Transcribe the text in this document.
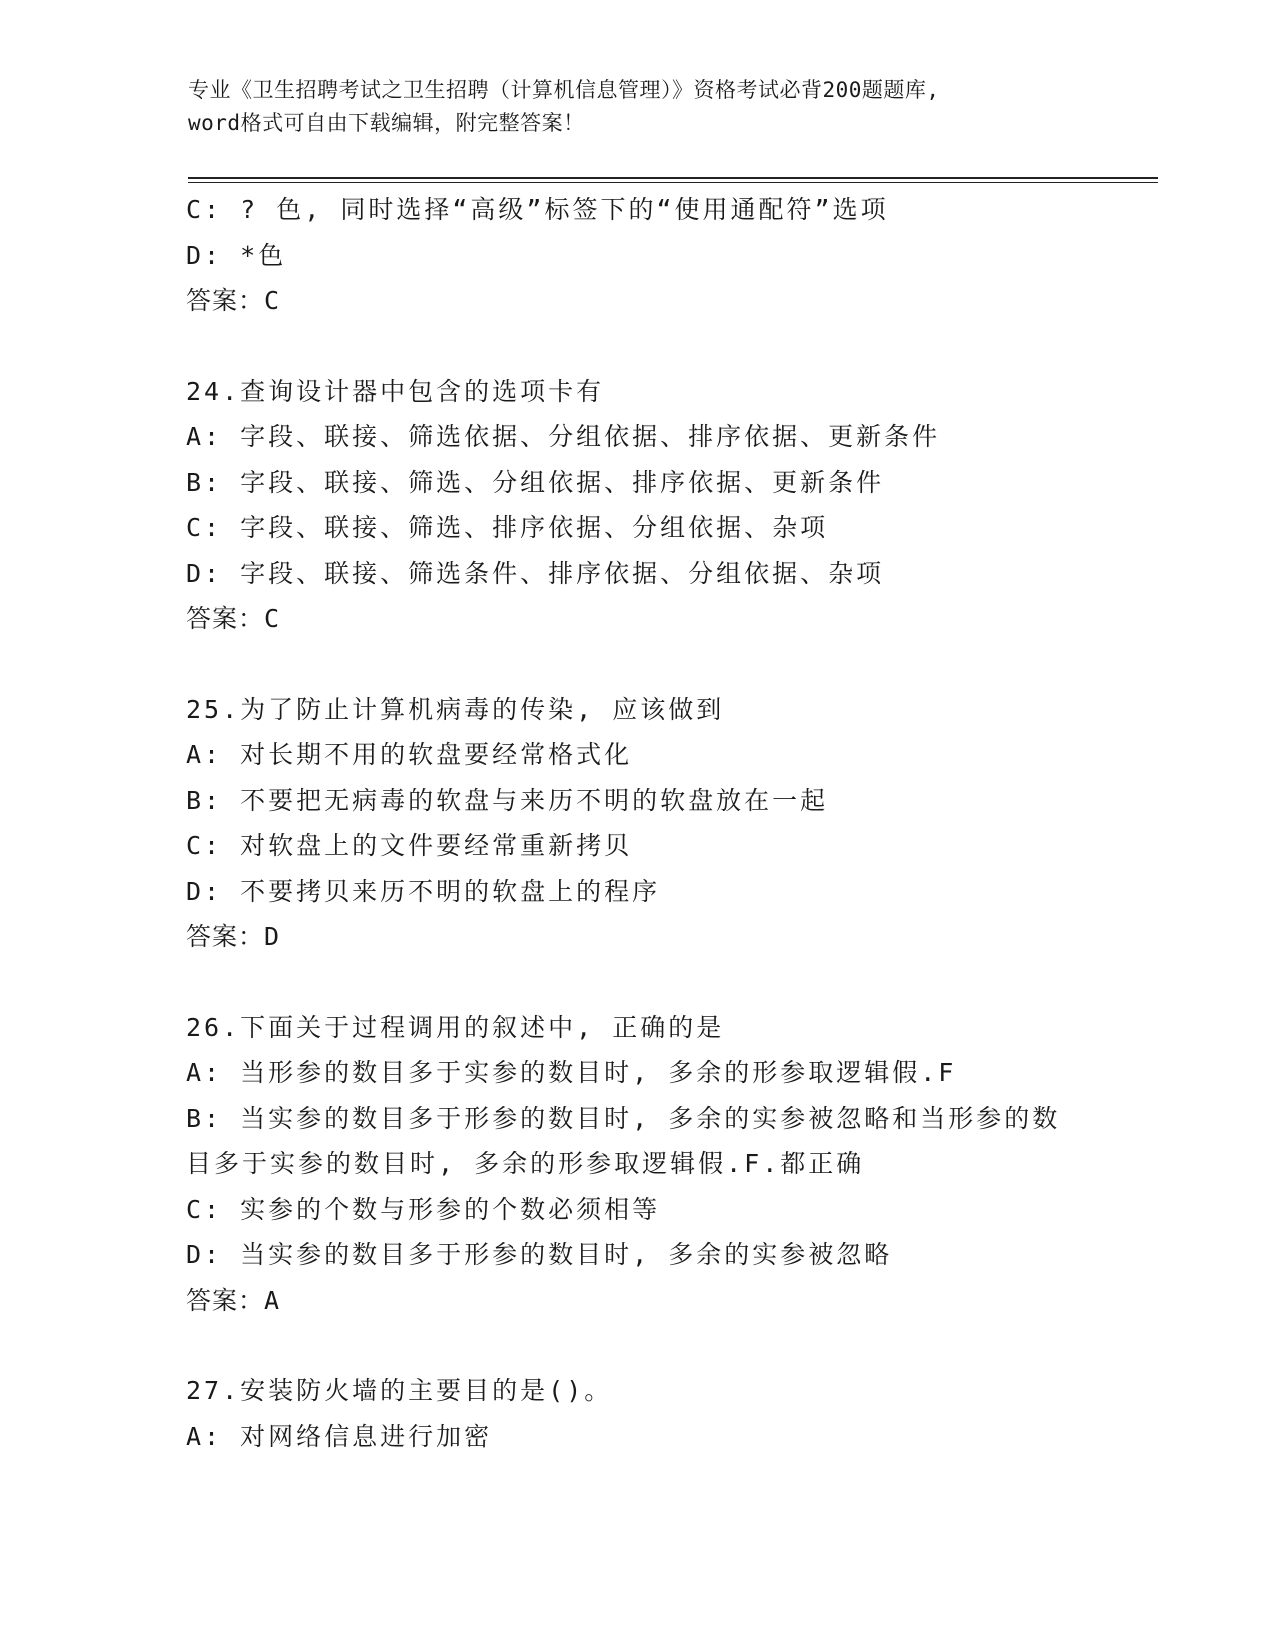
专业《卫生招聘考试之卫生招聘（计算机信息管理）》资格考试必背200题题库,
word格式可自由下载编辑，附完整答案！
C: ? 色, 同时选择“高级”标签下的“使用通配符”选项
D: *色
答案：C
24.查询设计器中包含的选项卡有
A: 字段、联接、筛选依据、分组依据、排序依据、更新条件
B: 字段、联接、筛选、分组依据、排序依据、更新条件
C: 字段、联接、筛选、排序依据、分组依据、杂项
D: 字段、联接、筛选条件、排序依据、分组依据、杂项
答案：C
25.为了防止计算机病毒的传染, 应该做到
A: 对长期不用的软盘要经常格式化
B: 不要把无病毒的软盘与来历不明的软盘放在一起
C: 对软盘上的文件要经常重新拷贝
D: 不要拷贝来历不明的软盘上的程序
答案：D
26.下面关于过程调用的叙述中, 正确的是
A: 当形参的数目多于实参的数目时, 多余的形参取逻辑假.F
B: 当实参的数目多于形参的数目时, 多余的实参被忽略和当形参的数
目多于实参的数目时, 多余的形参取逻辑假.F.都正确
C: 实参的个数与形参的个数必须相等
D: 当实参的数目多于形参的数目时, 多余的实参被忽略
答案：A
27.安装防火墙的主要目的是()。
A: 对网络信息进行加密
